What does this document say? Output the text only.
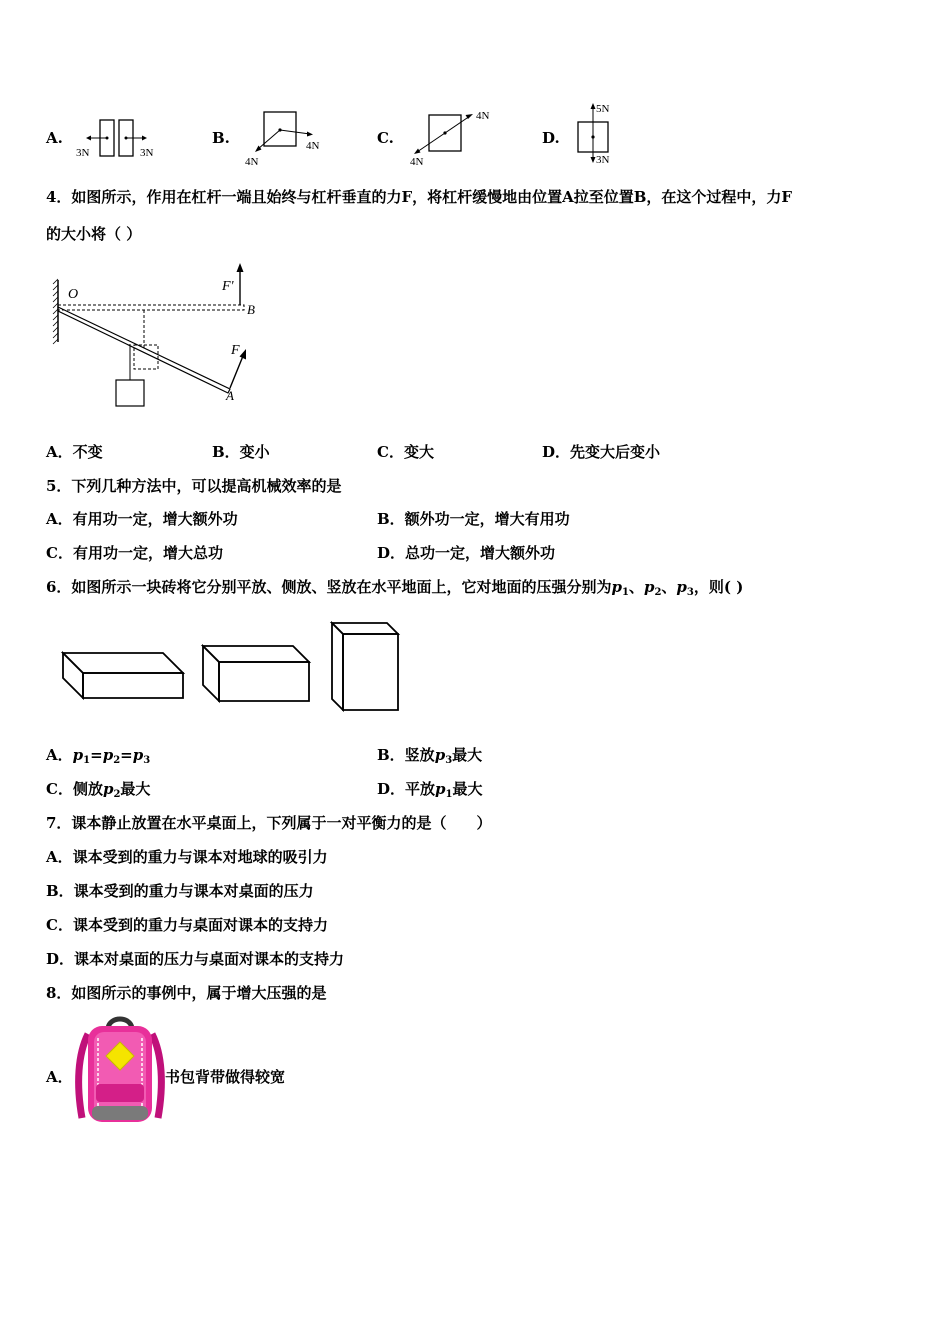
A.
3N	3N
B.
4N
4N	C.
4N
4N
D.
5N
3N
4．如图所示，作用在杠杆一端且始终与杠杆垂直的力F，将杠杆缓慢地由位置A拉至位置B，在这个过程中，力F
的大小将（ ）
O
B
A
F'
F
A．不变	B．变小	C．变大	D．先变大后变小
5．下列几种方法中，可以提高机械效率的是
A．有用功一定，增大额外功	B．额外功一定，增大有用功
C．有用功一定，增大总功	D．总功一定，增大额外功
6．如图所示一块砖将它分别平放、侧放、竖放在水平地面上，它对地面的压强分别为$p_1$、$p_2$、$p_3$，则( )
A．$p_1=p_2=p_3$	B．竖放$p_3$最大
C．侧放$p_2$最大	D．平放$p_1$最大
7．课本静止放置在水平桌面上，下列属于一对平衡力的是（　　）
A．课本受到的重力与课本对地球的吸引力
B．课本受到的重力与课本对桌面的压力
C．课本受到的重力与桌面对课本的支持力
D．课本对桌面的压力与桌面对课本的支持力
8．如图所示的事例中，属于增大压强的是
A．	书包背带做得较宽
